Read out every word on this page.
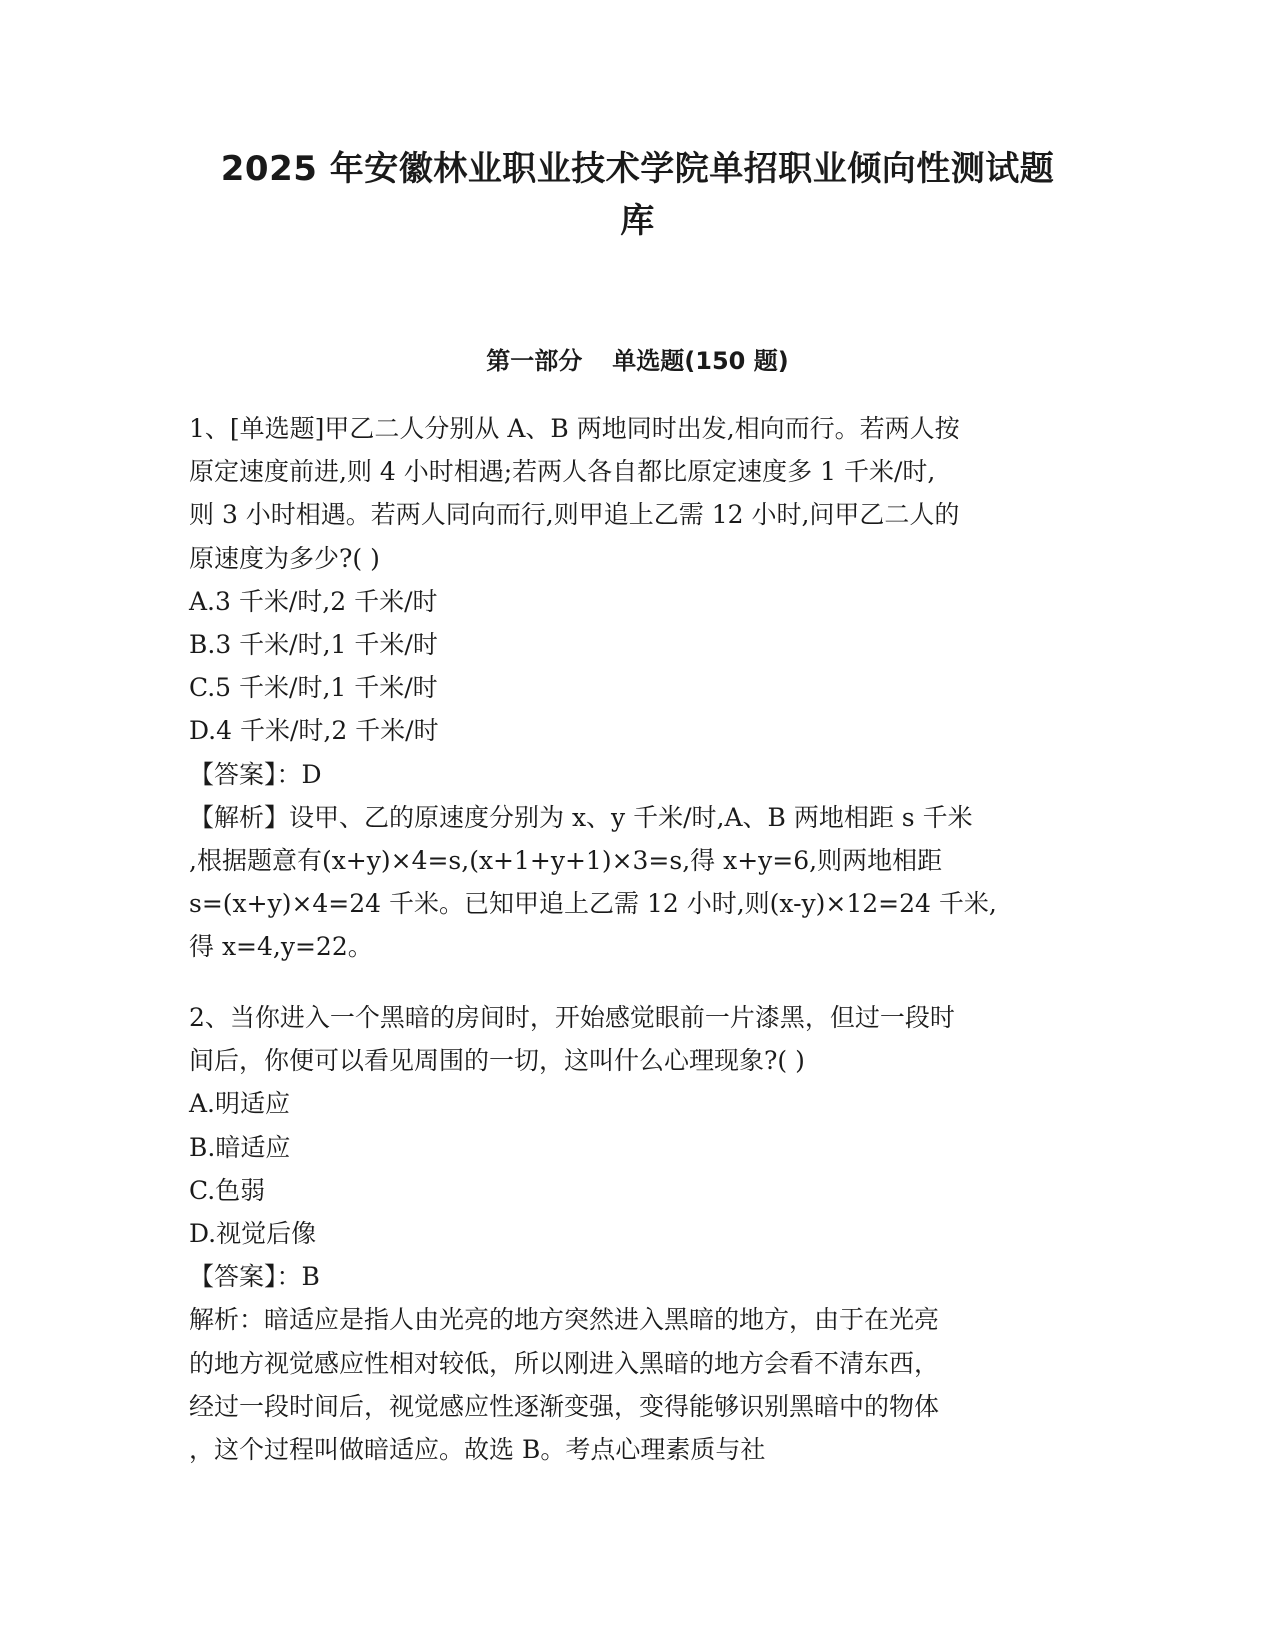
2025 年安徽林业职业技术学院单招职业倾向性测试题
库
第一部分 单选题(150 题)
1、[单选题]甲乙二人分别从 A、B 两地同时出发,相向而行。若两人按
原定速度前进,则 4 小时相遇;若两人各自都比原定速度多 1 千米/时,
则 3 小时相遇。若两人同向而行,则甲追上乙需 12 小时,问甲乙二人的
原速度为多少?( )
A.3 千米/时,2 千米/时
B.3 千米/时,1 千米/时
C.5 千米/时,1 千米/时
D.4 千米/时,2 千米/时
【答案】：D
【解析】设甲、乙的原速度分别为 x、y 千米/时,A、B 两地相距 s 千米
,根据题意有(x+y)×4=s,(x+1+y+1)×3=s,得 x+y=6,则两地相距
s=(x+y)×4=24 千米。已知甲追上乙需 12 小时,则(x-y)×12=24 千米,
得 x=4,y=22。
2、当你进入一个黑暗的房间时，开始感觉眼前一片漆黑，但过一段时
间后，你便可以看见周围的一切，这叫什么心理现象?( )
A.明适应
B.暗适应
C.色弱
D.视觉后像
【答案】：B
解析：暗适应是指人由光亮的地方突然进入黑暗的地方，由于在光亮
的地方视觉感应性相对较低，所以刚进入黑暗的地方会看不清东西，
经过一段时间后，视觉感应性逐渐变强，变得能够识别黑暗中的物体
，这个过程叫做暗适应。故选 B。考点心理素质与社
